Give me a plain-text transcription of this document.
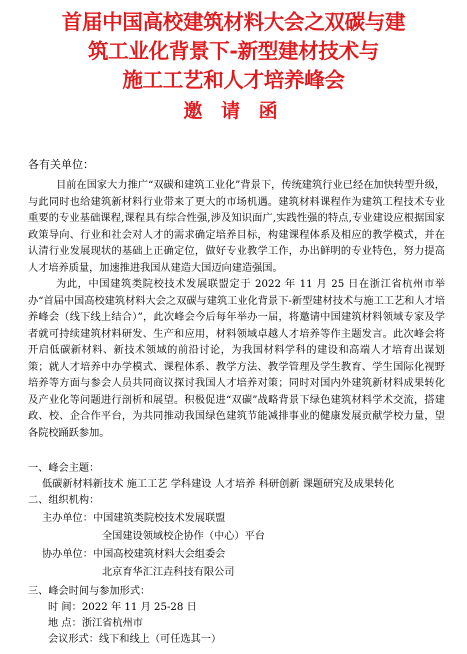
首届中国高校建筑材料大会之双碳与建
筑工业化背景下-新型建材技术与
施工工艺和人才培养峰会
邀 请 函
各有关单位：

目前在国家大力推广“双碳和建筑工业化”背景下，传统建筑行业已经在加快转型升级，与此同时也给建筑新材料行业带来了更大的市场机遇。建筑材料课程作为建筑工程技术专业重要的专业基础课程,课程具有综合性强,涉及知识面广,实践性强的特点,专业建设应根据国家政策导向、行业和社会对人才的需求确定培养目标，构建课程体系及相应的教学模式，并在认清行业发展现状的基础上正确定位，做好专业教学工作，办出鲜明的专业特色，努力提高人才培养质量，加速推进我国从建造大国迈向建造强国。

为此，中国建筑类院校技术发展联盟定于 2022 年 11 月 25 日在浙江省杭州市举办“首届中国高校建筑材料大会之双碳与建筑工业化背景下-新型建材技术与施工工艺和人才培养峰会（线下线上结合）”，此次峰会今后每年举办一届，将邀请中国建筑材料领域专家及学者就可持续建筑材料研发、生产和应用，材料领域卓越人才培养等作主题发言。此次峰会将开启低碳新材料、新技术领域的前沿讨论，为我国材料学科的建设和高端人才培育出谋划策；就人才培养中办学模式、课程体系、教学方法、教学管理及学生教育、学生国际化视野培养等方面与参会人员共同商议探讨我国人才培养对策；同时对国内外建筑新材料成果转化及产业化等问题进行剖析和展望。积极促进“双碳”战略背景下绿色建筑材料学术交流，搭建政、校、企合作平台，为共同推动我国绿色建筑节能减排事业的健康发展贡献学校力量，望各院校踊跃参加。

一、峰会主题：
低碳新材料新技术 施工工艺 学科建设 人才培养 科研创新 课题研究及成果转化
二、组织机构：
主办单位：中国建筑类院校技术发展联盟
全国建设领域校企协作（中心）平台
协办单位：中国高校建筑材料大会组委会
北京育华汇江垚科技有限公司
三、峰会时间与参加形式：
时 间：2022 年 11 月 25-28 日
地 点：浙江省杭州市
会议形式：线下和线上（可任选其一）
